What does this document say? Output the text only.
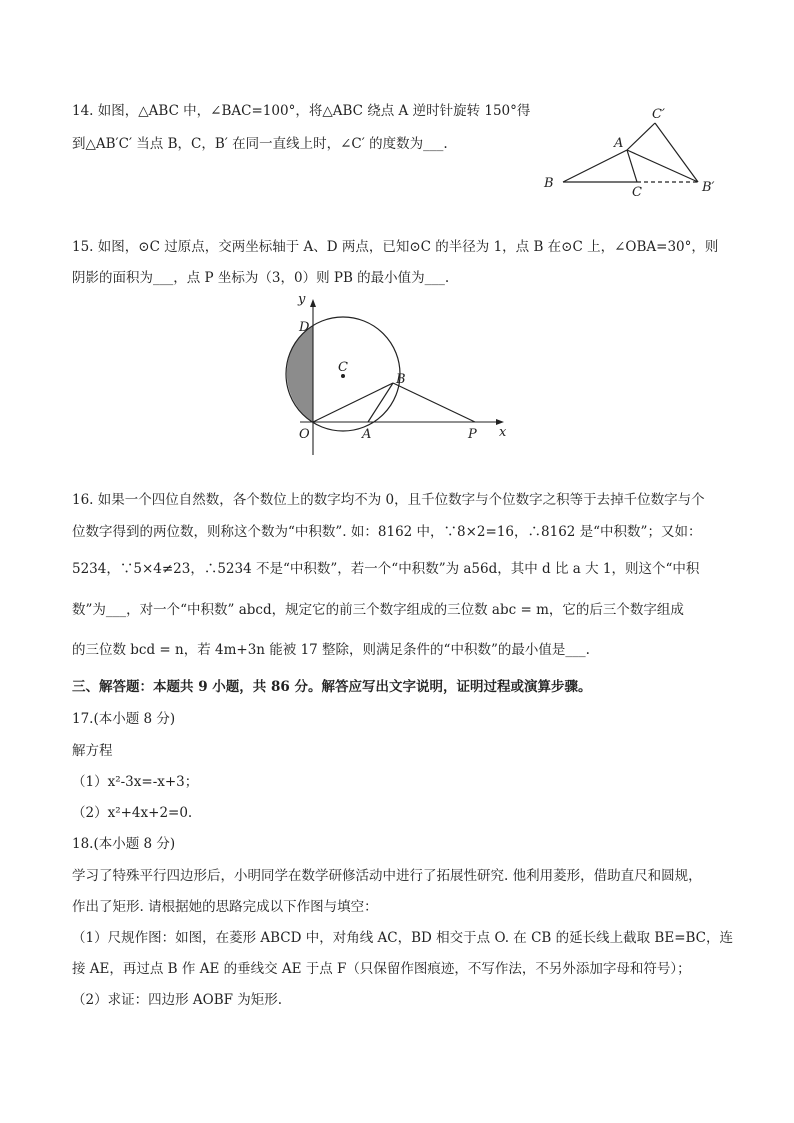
14. 如图，△ABC 中，∠BAC=100°，将△ABC 绕点 A 逆时针旋转 150°得
到△AB′C′ 当点 B，C，B′ 在同一直线上时，∠C′ 的度数为___.
C′
A
B
C	B′
15. 如图，⊙C 过原点，交两坐标轴于 A、D 两点，已知⊙C 的半径为 1，点 B 在⊙C 上，∠OBA=30°，则
阴影的面积为___，点 P 坐标为（3，0）则 PB 的最小值为___.
y
x
D
C
B
O	A	P
16. 如果一个四位自然数，各个数位上的数字均不为 0，且千位数字与个位数字之积等于去掉千位数字与个
位数字得到的两位数，则称这个数为“中积数”. 如：8162 中，∵8×2=16，∴8162 是“中积数”；又如：
5234，∵5×4≠23，∴5234 不是“中积数”，若一个“中积数”为 a56d，其中 d 比 a 大 1，则这个“中积
数”为___，对一个“中积数” abcd，规定它的前三个数字组成的三位数 abc = m，它的后三个数字组成
的三位数 bcd = n，若 4m+3n 能被 17 整除，则满足条件的“中积数”的最小值是___.
三、解答题：本题共 9 小题，共 86 分。解答应写出文字说明，证明过程或演算步骤。
17.(本小题 8 分)
解方程
（1）x²-3x=-x+3；
（2）x²+4x+2=0.
18.(本小题 8 分)
学习了特殊平行四边形后，小明同学在数学研修活动中进行了拓展性研究. 他利用菱形，借助直尺和圆规，
作出了矩形. 请根据她的思路完成以下作图与填空：
（1）尺规作图：如图，在菱形 ABCD 中，对角线 AC，BD 相交于点 O. 在 CB 的延长线上截取 BE=BC，连
接 AE，再过点 B 作 AE 的垂线交 AE 于点 F（只保留作图痕迹，不写作法，不另外添加字母和符号）；
（2）求证：四边形 AOBF 为矩形.
